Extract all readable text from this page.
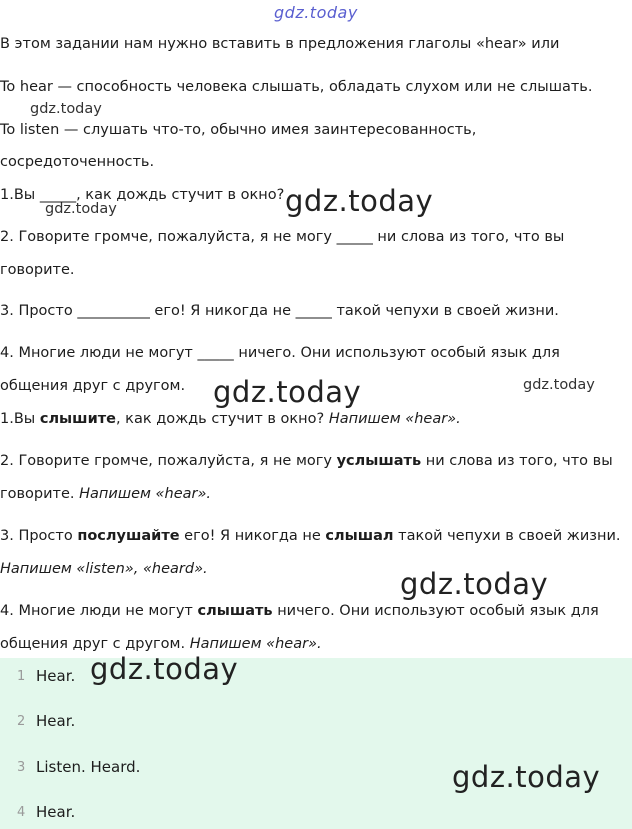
gdz.today
gdz.today
gdz.today
gdz.today
gdz.today
gdz.today
gdz.today
В этом задании нам нужно вставить в предложения глаголы «hear» или
To hear — способность человека слышать, обладать слухом или не слышать.
To listen — слушать что-то, обычно имея заинтересованность,
сосредоточенность.
1.Вы _____, как дождь стучит в окно?
2. Говорите громче, пожалуйста, я не могу _____ ни слова из того, что вы
говорите.
3. Просто __________ его! Я никогда не _____ такой чепухи в своей жизни.
4. Многие люди не могут _____ ничего. Они используют особый язык для
общения друг с другом.
1.Вы слышите, как дождь стучит в окно? Напишем «hear».
2. Говорите громче, пожалуйста, я не могу услышать ни слова из того, что вы
говорите. Напишем «hear».
3. Просто послушайте его! Я никогда не слышал такой чепухи в своей жизни.
Напишем «listen», «heard».
4. Многие люди не могут слышать ничего. Они используют особый язык для
общения друг с другом. Напишем «hear».
1 Hear.
2 Hear.
3 Listen. Heard.
4 Hear.
gdz.today
gdz.today
